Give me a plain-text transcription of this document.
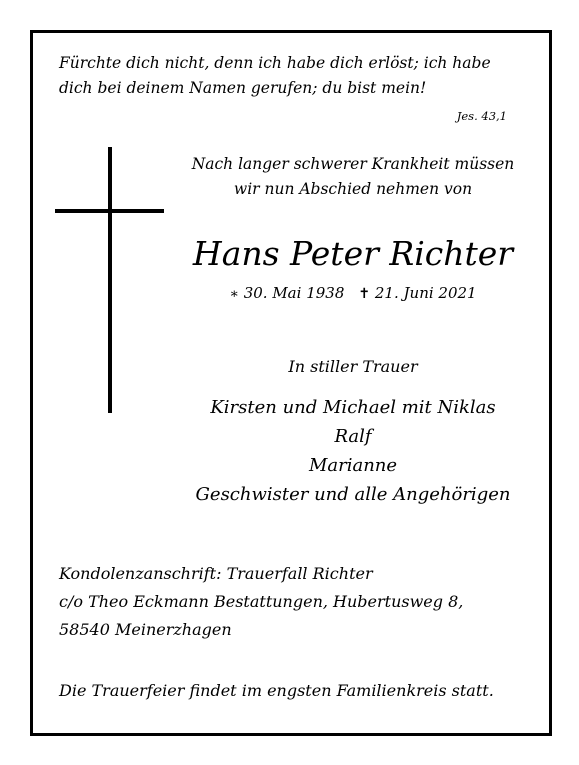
Fürchte dich nicht, denn ich habe dich erlöst; ich habe
dich bei deinem Namen gerufen; du bist mein!

Jes. 43,1

Nach langer schwerer Krankheit müssen
wir nun Abschied nehmen von

Hans Peter Richter
∗ 30. Mai 1938 ✝ 21. Juni 2021
In stiller Trauer

Kirsten und Michael mit Niklas
Ralf
Marianne
Geschwister und alle Angehörigen

Kondolenzanschrift: Trauerfall Richter
c/o Theo Eckmann Bestattungen, Hubertusweg 8,
58540 Meinerzhagen

Die Trauerfeier findet im engsten Familienkreis statt.
